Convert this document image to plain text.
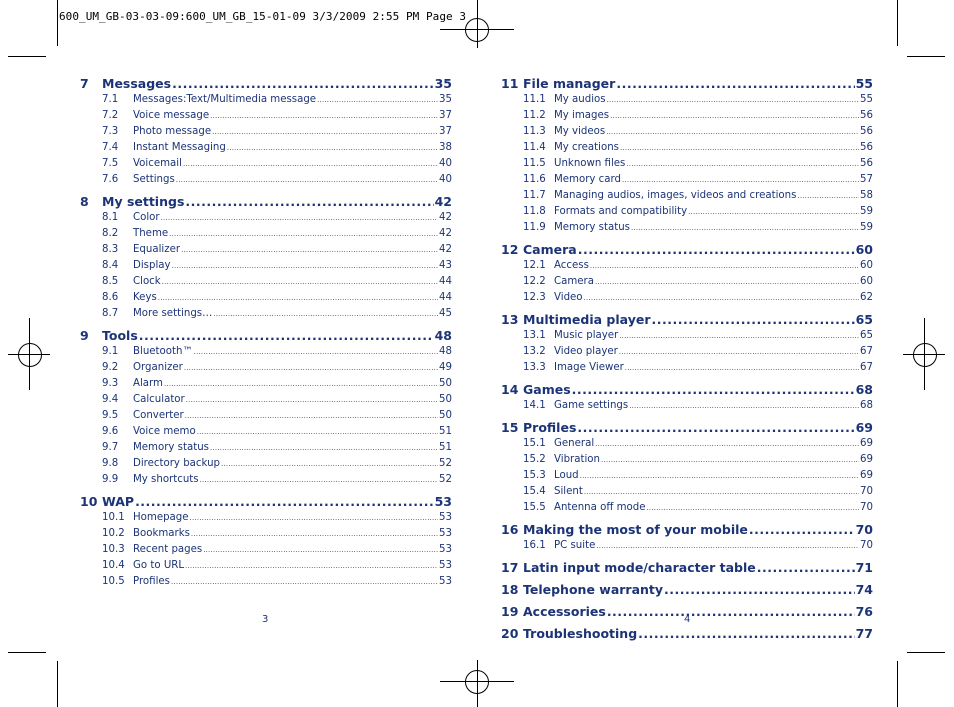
600_UM_GB-03-03-09:600_UM_GB_15-01-09 3/3/2009 2:55 PM Page 3
7	Messages .....	35
7.1	Messages:Text/Multimedia message .....	35
7.2	Voice message .....	37
7.3	Photo message .....	37
7.4	Instant Messaging .....	38
7.5	Voicemail .....	40
7.6	Settings .....	40
8	My settings .....	42
8.1	Color .....	42
8.2	Theme .....	42
8.3	Equalizer .....	42
8.4	Display .....	43
8.5	Clock .....	44
8.6	Keys .....	44
8.7	More settings… .....	45
9	Tools .....	48
9.1	Bluetooth™ .....	48
9.2	Organizer .....	49
9.3	Alarm .....	50
9.4	Calculator .....	50
9.5	Converter .....	50
9.6	Voice memo .....	51
9.7	Memory status .....	51
9.8	Directory backup .....	52
9.9	My shortcuts .....	52
10 WAP .....	53
10.1 Homepage .....	53
10.2 Bookmarks .....	53
10.3 Recent pages .....	53
10.4 Go to URL .....	53
10.5 Profiles .....	53
11 File manager .....	55
11.1 My audios .....	55
11.2 My images .....	56
11.3 My videos .....	56
11.4 My creations .....	56
11.5 Unknown files .....	56
11.6 Memory card .....	57
11.7 Managing audios, images, videos and creations .....	58
11.8 Formats and compatibility .....	59
11.9 Memory status .....	59
12 Camera .....	60
12.1 Access .....	60
12.2 Camera .....	60
12.3 Video .....	62
13 Multimedia player .....	65
13.1 Music player .....	65
13.2 Video player .....	67
13.3 Image Viewer .....	67
14 Games .....	68
14.1 Game settings .....	68
15 Profiles .....	69
15.1 General .....	69
15.2 Vibration .....	69
15.3 Loud .....	69
15.4 Silent .....	70
15.5 Antenna off mode .....	70
16 Making the most of your mobile .....	70
16.1 PC suite .....	70
17 Latin input mode/character table .....	71
18 Telephone warranty .....	74
19 Accessories .....	76
20 Troubleshooting .....	77
3	4
